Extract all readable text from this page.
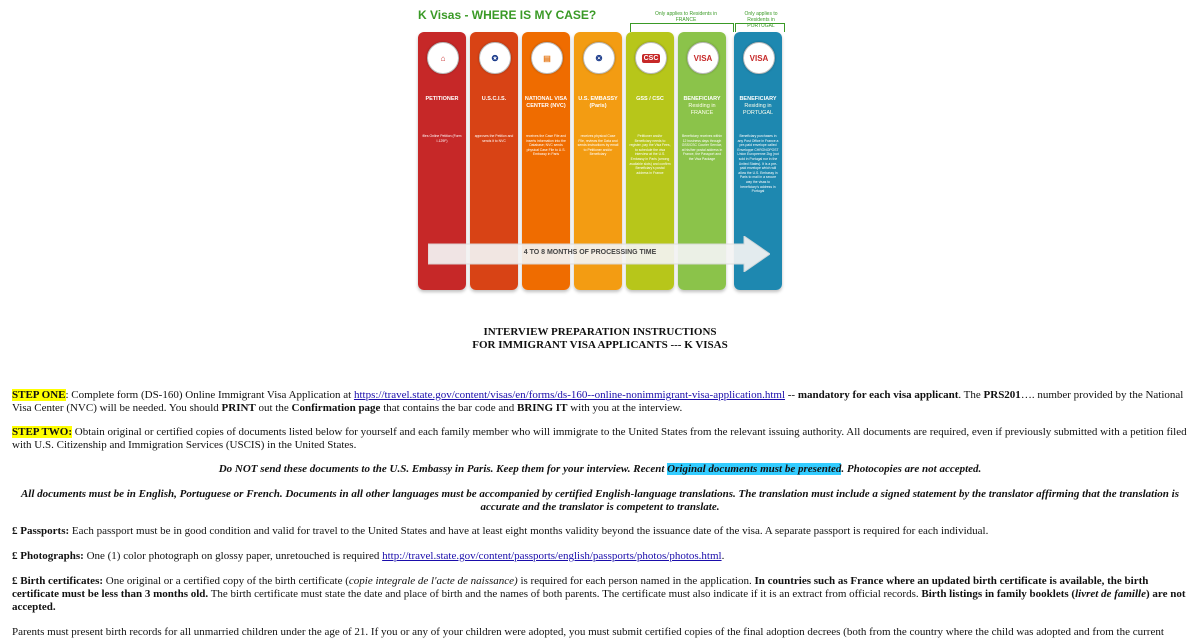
K Visas - WHERE IS MY CASE?	Only applies to Residents in FRANCE
Only applies to Residents in PORTUGAL
⌂
PETITIONER
files Online Petition (Form I-129F)
✪
U.S.C.I.S.
approves the Petition and sends it to NVC
▤
NATIONAL VISA CENTER (NVC)
receives the Case File and inserts information into the Database; NVC sends physical Case File to U.S. Embassy in Paris
❂
U.S. EMBASSY (Paris)
receives physical Case File, reviews the Data and sends instructions by email to Petitioner and/or Beneficiary
CSC
GSS / CSC
Petitioner and/or Beneficiary needs to register, pay the Visa Fees, to schedule the visa interview at the U.S. Embassy in Paris (among available slots) and confirm Beneficiary's postal address in France
VISA
BENEFICIARY
Residing in FRANCE
Beneficiary receives within 12 business days through GSS/CSC Courier Service, at his/her postal address in France, the Passport and the Visa Package
VISA
BENEFICIARY
Residing in PORTUGAL
Beneficiary purchases in any Post Office in France a pre-paid envelope called Enveloppe CHRONOPOST Union Europeenne 2kg (not sold in Portugal nor in the United States). It is a pre-paid envelope which will allow the U.S. Embassy in Paris to mail in a secure way the visas to beneficiary's address in Portugal
4 TO 8 MONTHS OF PROCESSING TIME
INTERVIEW PREPARATION INSTRUCTIONS
FOR IMMIGRANT VISA APPLICANTS --- K VISAS
STEP ONE: Complete form (DS-160) Online Immigrant Visa Application at https://travel.state.gov/content/visas/en/forms/ds-160--online-nonimmigrant-visa-application.html -- mandatory for each visa applicant. The PRS201…. number provided by the National Visa Center (NVC) will be needed. You should PRINT out the Confirmation page that contains the bar code and BRING IT with you at the interview.
STEP TWO: Obtain original or certified copies of documents listed below for yourself and each family member who will immigrate to the United States from the relevant issuing authority. All documents are required, even if previously submitted with a petition filed with U.S. Citizenship and Immigration Services (USCIS) in the United States.
Do NOT send these documents to the U.S. Embassy in Paris. Keep them for your interview. Recent Original documents must be presented. Photocopies are not accepted.
All documents must be in English, Portuguese or French. Documents in all other languages must be accompanied by certified English-language translations. The translation must include a signed statement by the translator affirming that the translation is accurate and the translator is competent to translate.
£ Passports: Each passport must be in good condition and valid for travel to the United States and have at least eight months validity beyond the issuance date of the visa. A separate passport is required for each individual.
£ Photographs: One (1) color photograph on glossy paper, unretouched is required http://travel.state.gov/content/passports/english/passports/photos/photos.html.
£ Birth certificates: One original or a certified copy of the birth certificate (copie integrale de l'acte de naissance) is required for each person named in the application. In countries such as France where an updated birth certificate is available, the birth certificate must be less than 3 months old. The birth certificate must state the date and place of birth and the names of both parents. The certificate must also indicate if it is an extract from official records. Birth listings in family booklets (livret de famille) are not accepted.
Parents must present birth records for all unmarried children under the age of 21. If you or any of your children were adopted, you must submit certified copies of the final adoption decrees (both from the country where the child was adopted and from the current
